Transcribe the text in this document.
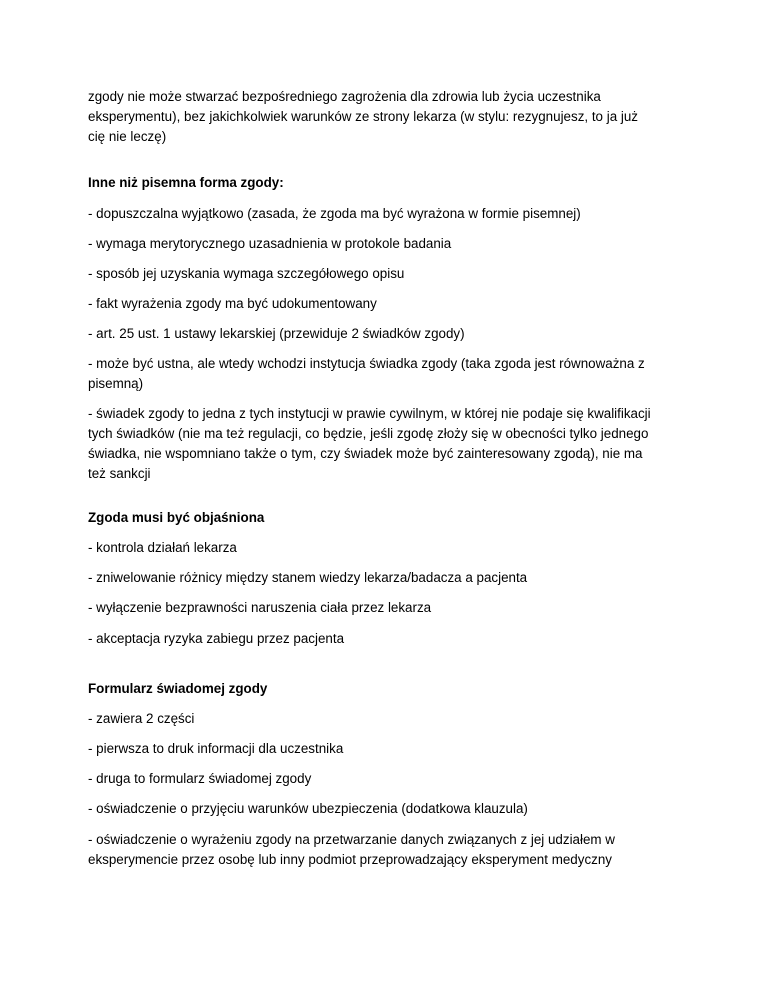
zgody nie może stwarzać bezpośredniego zagrożenia dla zdrowia lub życia uczestnika
eksperymentu), bez jakichkolwiek warunków ze strony lekarza (w stylu: rezygnujesz, to ja już
cię nie leczę)

Inne niż pisemna forma zgody:

- dopuszczalna wyjątkowo (zasada, że zgoda ma być wyrażona w formie pisemnej)

- wymaga merytorycznego uzasadnienia w protokole badania

- sposób jej uzyskania wymaga szczegółowego opisu

- fakt wyrażenia zgody ma być udokumentowany

- art. 25 ust. 1 ustawy lekarskiej (przewiduje 2 świadków zgody)

- może być ustna, ale wtedy wchodzi instytucja świadka zgody (taka zgoda jest równoważna z
pisemną)

- świadek zgody to jedna z tych instytucji w prawie cywilnym, w której nie podaje się kwalifikacji
tych świadków (nie ma też regulacji, co będzie, jeśli zgodę złoży się w obecności tylko jednego
świadka, nie wspomniano także o tym, czy świadek może być zainteresowany zgodą), nie ma
też sankcji

Zgoda musi być objaśniona

- kontrola działań lekarza

- zniwelowanie różnicy między stanem wiedzy lekarza/badacza a pacjenta

- wyłączenie bezprawności naruszenia ciała przez lekarza

- akceptacja ryzyka zabiegu przez pacjenta

Formularz świadomej zgody

- zawiera 2 części

- pierwsza to druk informacji dla uczestnika

- druga to formularz świadomej zgody

- oświadczenie o przyjęciu warunków ubezpieczenia (dodatkowa klauzula)

- oświadczenie o wyrażeniu zgody na przetwarzanie danych związanych z jej udziałem w
eksperymencie przez osobę lub inny podmiot przeprowadzający eksperyment medyczny
